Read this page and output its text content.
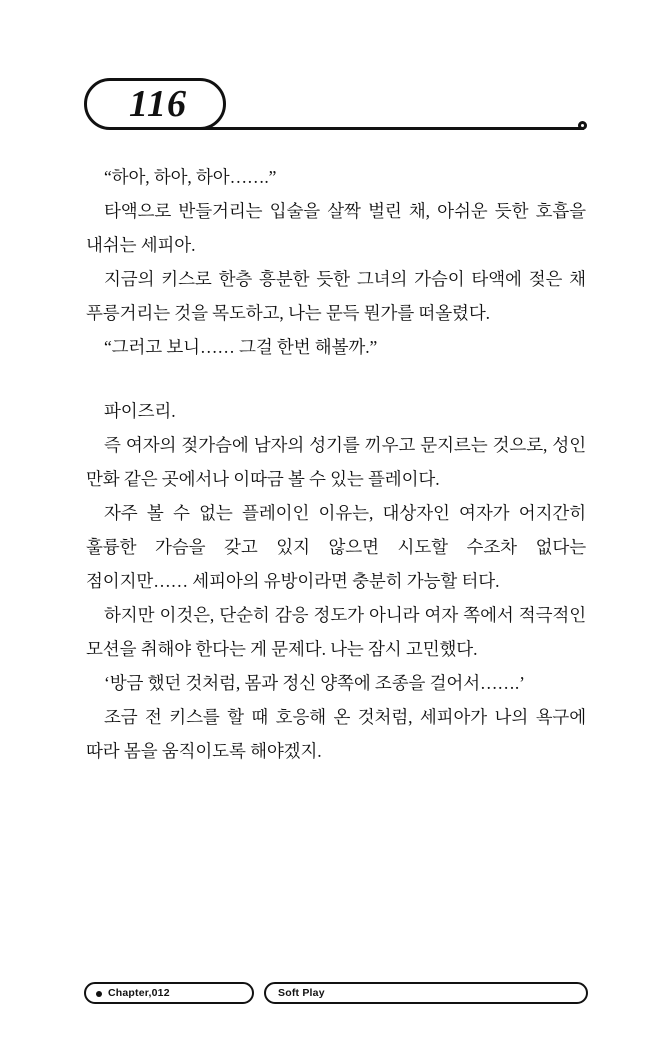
116

“하아, 하아, 하아…….”

타액으로 반들거리는 입술을 살짝 벌린 채, 아쉬운 듯한 호흡을 내쉬는 세피아.

지금의 키스로 한층 흥분한 듯한 그녀의 가슴이 타액에 젖은 채 푸릉거리는 것을 목도하고, 나는 문득 뭔가를 떠올렸다.

“그러고 보니…… 그걸 한번 해볼까.”

파이즈리.

즉 여자의 젖가슴에 남자의 성기를 끼우고 문지르는 것으로, 성인 만화 같은 곳에서나 이따금 볼 수 있는 플레이다.

자주 볼 수 없는 플레이인 이유는, 대상자인 여자가 어지간히 훌륭한 가슴을 갖고 있지 않으면 시도할 수조차 없다는 점이지만…… 세피아의 유방이라면 충분히 가능할 터다.

하지만 이것은, 단순히 감응 정도가 아니라 여자 쪽에서 적극적인 모션을 취해야 한다는 게 문제다. 나는 잠시 고민했다.

‘방금 했던 것처럼, 몸과 정신 양쪽에 조종을 걸어서…….’

조금 전 키스를 할 때 호응해 온 것처럼, 세피아가 나의 욕구에 따라 몸을 움직이도록 해야겠지.

Chapter,012	Soft Play
